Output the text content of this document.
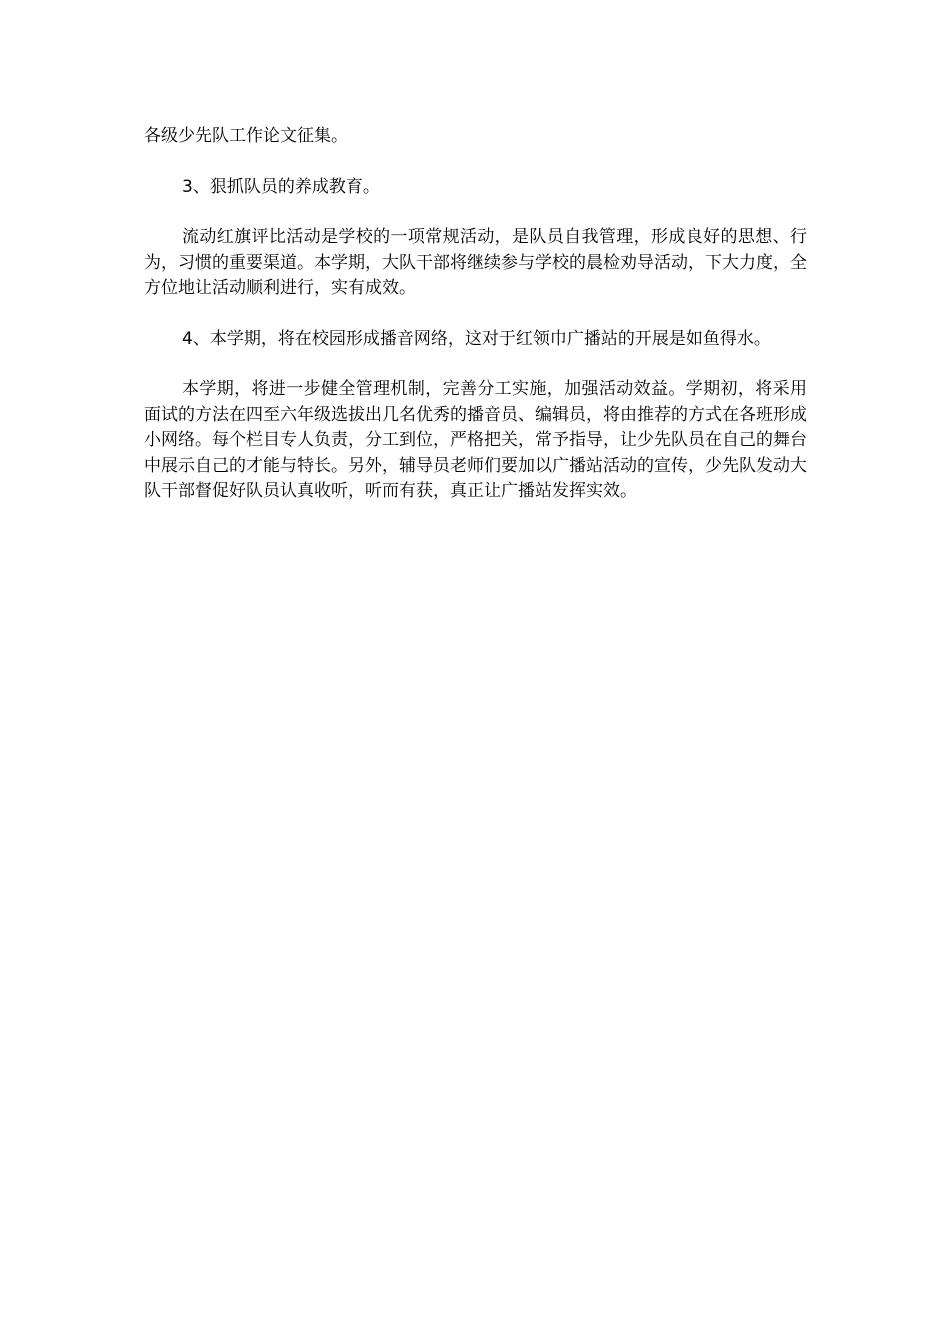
各级少先队工作论文征集。

3、狠抓队员的养成教育。

流动红旗评比活动是学校的一项常规活动，是队员自我管理，形成良好的思想、行为，习惯的重要渠道。本学期，大队干部将继续参与学校的晨检劝导活动，下大力度，全方位地让活动顺利进行，实有成效。

4、本学期，将在校园形成播音网络，这对于红领巾广播站的开展是如鱼得水。

本学期，将进一步健全管理机制，完善分工实施，加强活动效益。学期初，将采用面试的方法在四至六年级选拔出几名优秀的播音员、编辑员，将由推荐的方式在各班形成小网络。每个栏目专人负责，分工到位，严格把关，常予指导，让少先队员在自己的舞台中展示自己的才能与特长。另外，辅导员老师们要加以广播站活动的宣传，少先队发动大队干部督促好队员认真收听，听而有获，真正让广播站发挥实效。
